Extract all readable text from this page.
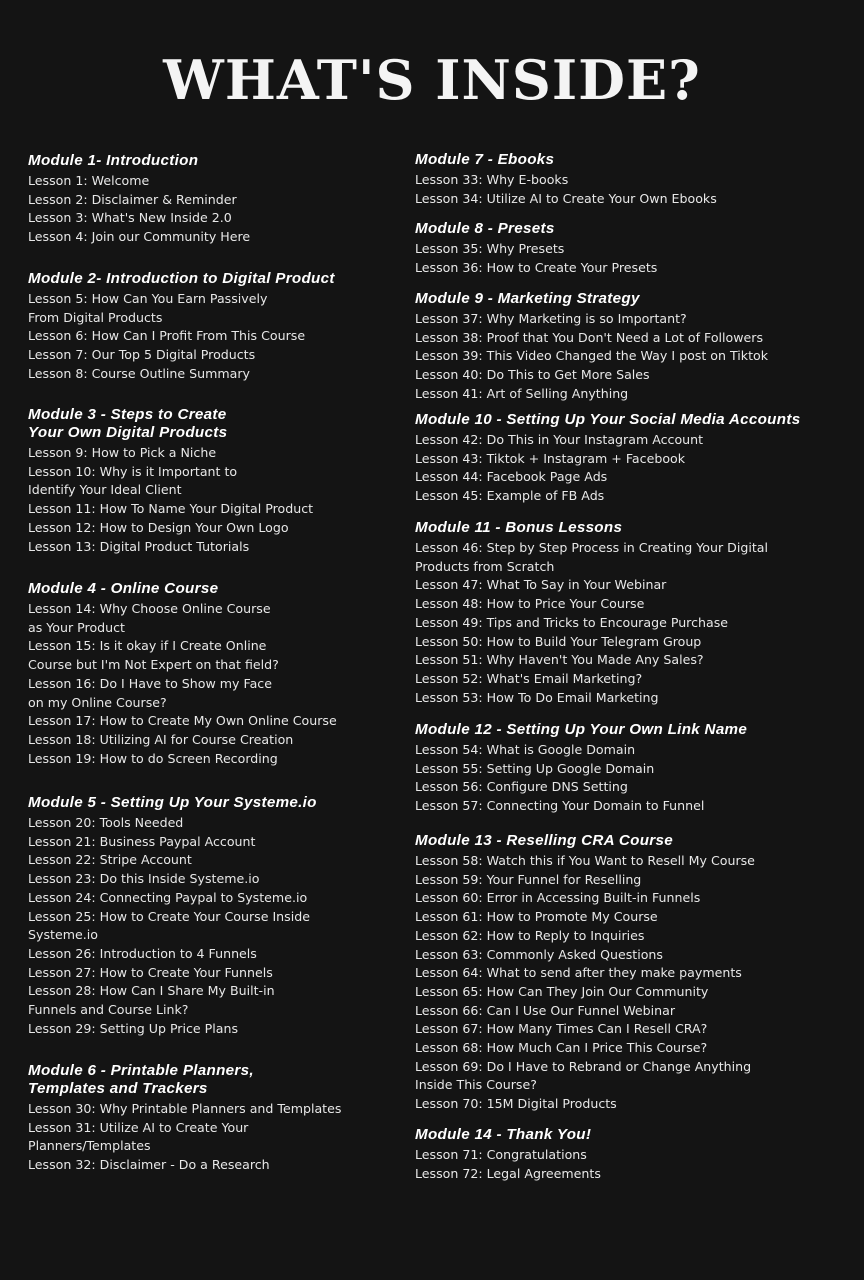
WHAT'S INSIDE?
Module 1- Introduction
Lesson 1: Welcome
Lesson 2: Disclaimer & Reminder
Lesson 3: What's New Inside 2.0
Lesson 4: Join our Community Here
Module 2- Introduction to Digital Product
Lesson 5: How Can You Earn Passively
From Digital Products
Lesson 6: How Can I Profit From This Course
Lesson 7: Our Top 5 Digital Products
Lesson 8: Course Outline Summary
Module 3 - Steps to Create
Your Own Digital Products
Lesson 9: How to Pick a Niche
Lesson 10: Why is it Important to
Identify Your Ideal Client
Lesson 11: How To Name Your Digital Product
Lesson 12: How to Design Your Own Logo
Lesson 13: Digital Product Tutorials
Module 4 - Online Course
Lesson 14: Why Choose Online Course
as Your Product
Lesson 15: Is it okay if I Create Online
Course but I'm Not Expert on that field?
Lesson 16: Do I Have to Show my Face
on my Online Course?
Lesson 17: How to Create My Own Online Course
Lesson 18: Utilizing AI for Course Creation
Lesson 19: How to do Screen Recording
Module 5 - Setting Up Your Systeme.io
Lesson 20: Tools Needed
Lesson 21: Business Paypal Account
Lesson 22: Stripe Account
Lesson 23: Do this Inside Systeme.io
Lesson 24: Connecting Paypal to Systeme.io
Lesson 25: How to Create Your Course Inside
Systeme.io
Lesson 26: Introduction to 4 Funnels
Lesson 27: How to Create Your Funnels
Lesson 28: How Can I Share My Built-in
Funnels and Course Link?
Lesson 29: Setting Up Price Plans
Module 6 - Printable Planners,
Templates and Trackers
Lesson 30: Why Printable Planners and Templates
Lesson 31: Utilize AI to Create Your
Planners/Templates
Lesson 32: Disclaimer - Do a Research
Module 7 - Ebooks
Lesson 33: Why E-books
Lesson 34: Utilize AI to Create Your Own Ebooks
Module 8 - Presets
Lesson 35: Why Presets
Lesson 36: How to Create Your Presets
Module 9 - Marketing Strategy
Lesson 37: Why Marketing is so Important?
Lesson 38: Proof that You Don't Need a Lot of Followers
Lesson 39: This Video Changed the Way I post on Tiktok
Lesson 40: Do This to Get More Sales
Lesson 41: Art of Selling Anything
Module 10 - Setting Up Your Social Media Accounts
Lesson 42: Do This in Your Instagram Account
Lesson 43: Tiktok + Instagram + Facebook
Lesson 44: Facebook Page Ads
Lesson 45: Example of FB Ads
Module 11 - Bonus Lessons
Lesson 46: Step by Step Process in Creating Your Digital
Products from Scratch
Lesson 47: What To Say in Your Webinar
Lesson 48: How to Price Your Course
Lesson 49: Tips and Tricks to Encourage Purchase
Lesson 50: How to Build Your Telegram Group
Lesson 51: Why Haven't You Made Any Sales?
Lesson 52: What's Email Marketing?
Lesson 53: How To Do Email Marketing
Module 12 - Setting Up Your Own Link Name
Lesson 54: What is Google Domain
Lesson 55: Setting Up Google Domain
Lesson 56: Configure DNS Setting
Lesson 57: Connecting Your Domain to Funnel
Module 13 - Reselling CRA Course
Lesson 58: Watch this if You Want to Resell My Course
Lesson 59: Your Funnel for Reselling
Lesson 60: Error in Accessing Built-in Funnels
Lesson 61: How to Promote My Course
Lesson 62: How to Reply to Inquiries
Lesson 63: Commonly Asked Questions
Lesson 64: What to send after they make payments
Lesson 65: How Can They Join Our Community
Lesson 66: Can I Use Our Funnel Webinar
Lesson 67: How Many Times Can I Resell CRA?
Lesson 68: How Much Can I Price This Course?
Lesson 69: Do I Have to Rebrand or Change Anything
Inside This Course?
Lesson 70: 15M Digital Products
Module 14 - Thank You!
Lesson 71: Congratulations
Lesson 72: Legal Agreements
